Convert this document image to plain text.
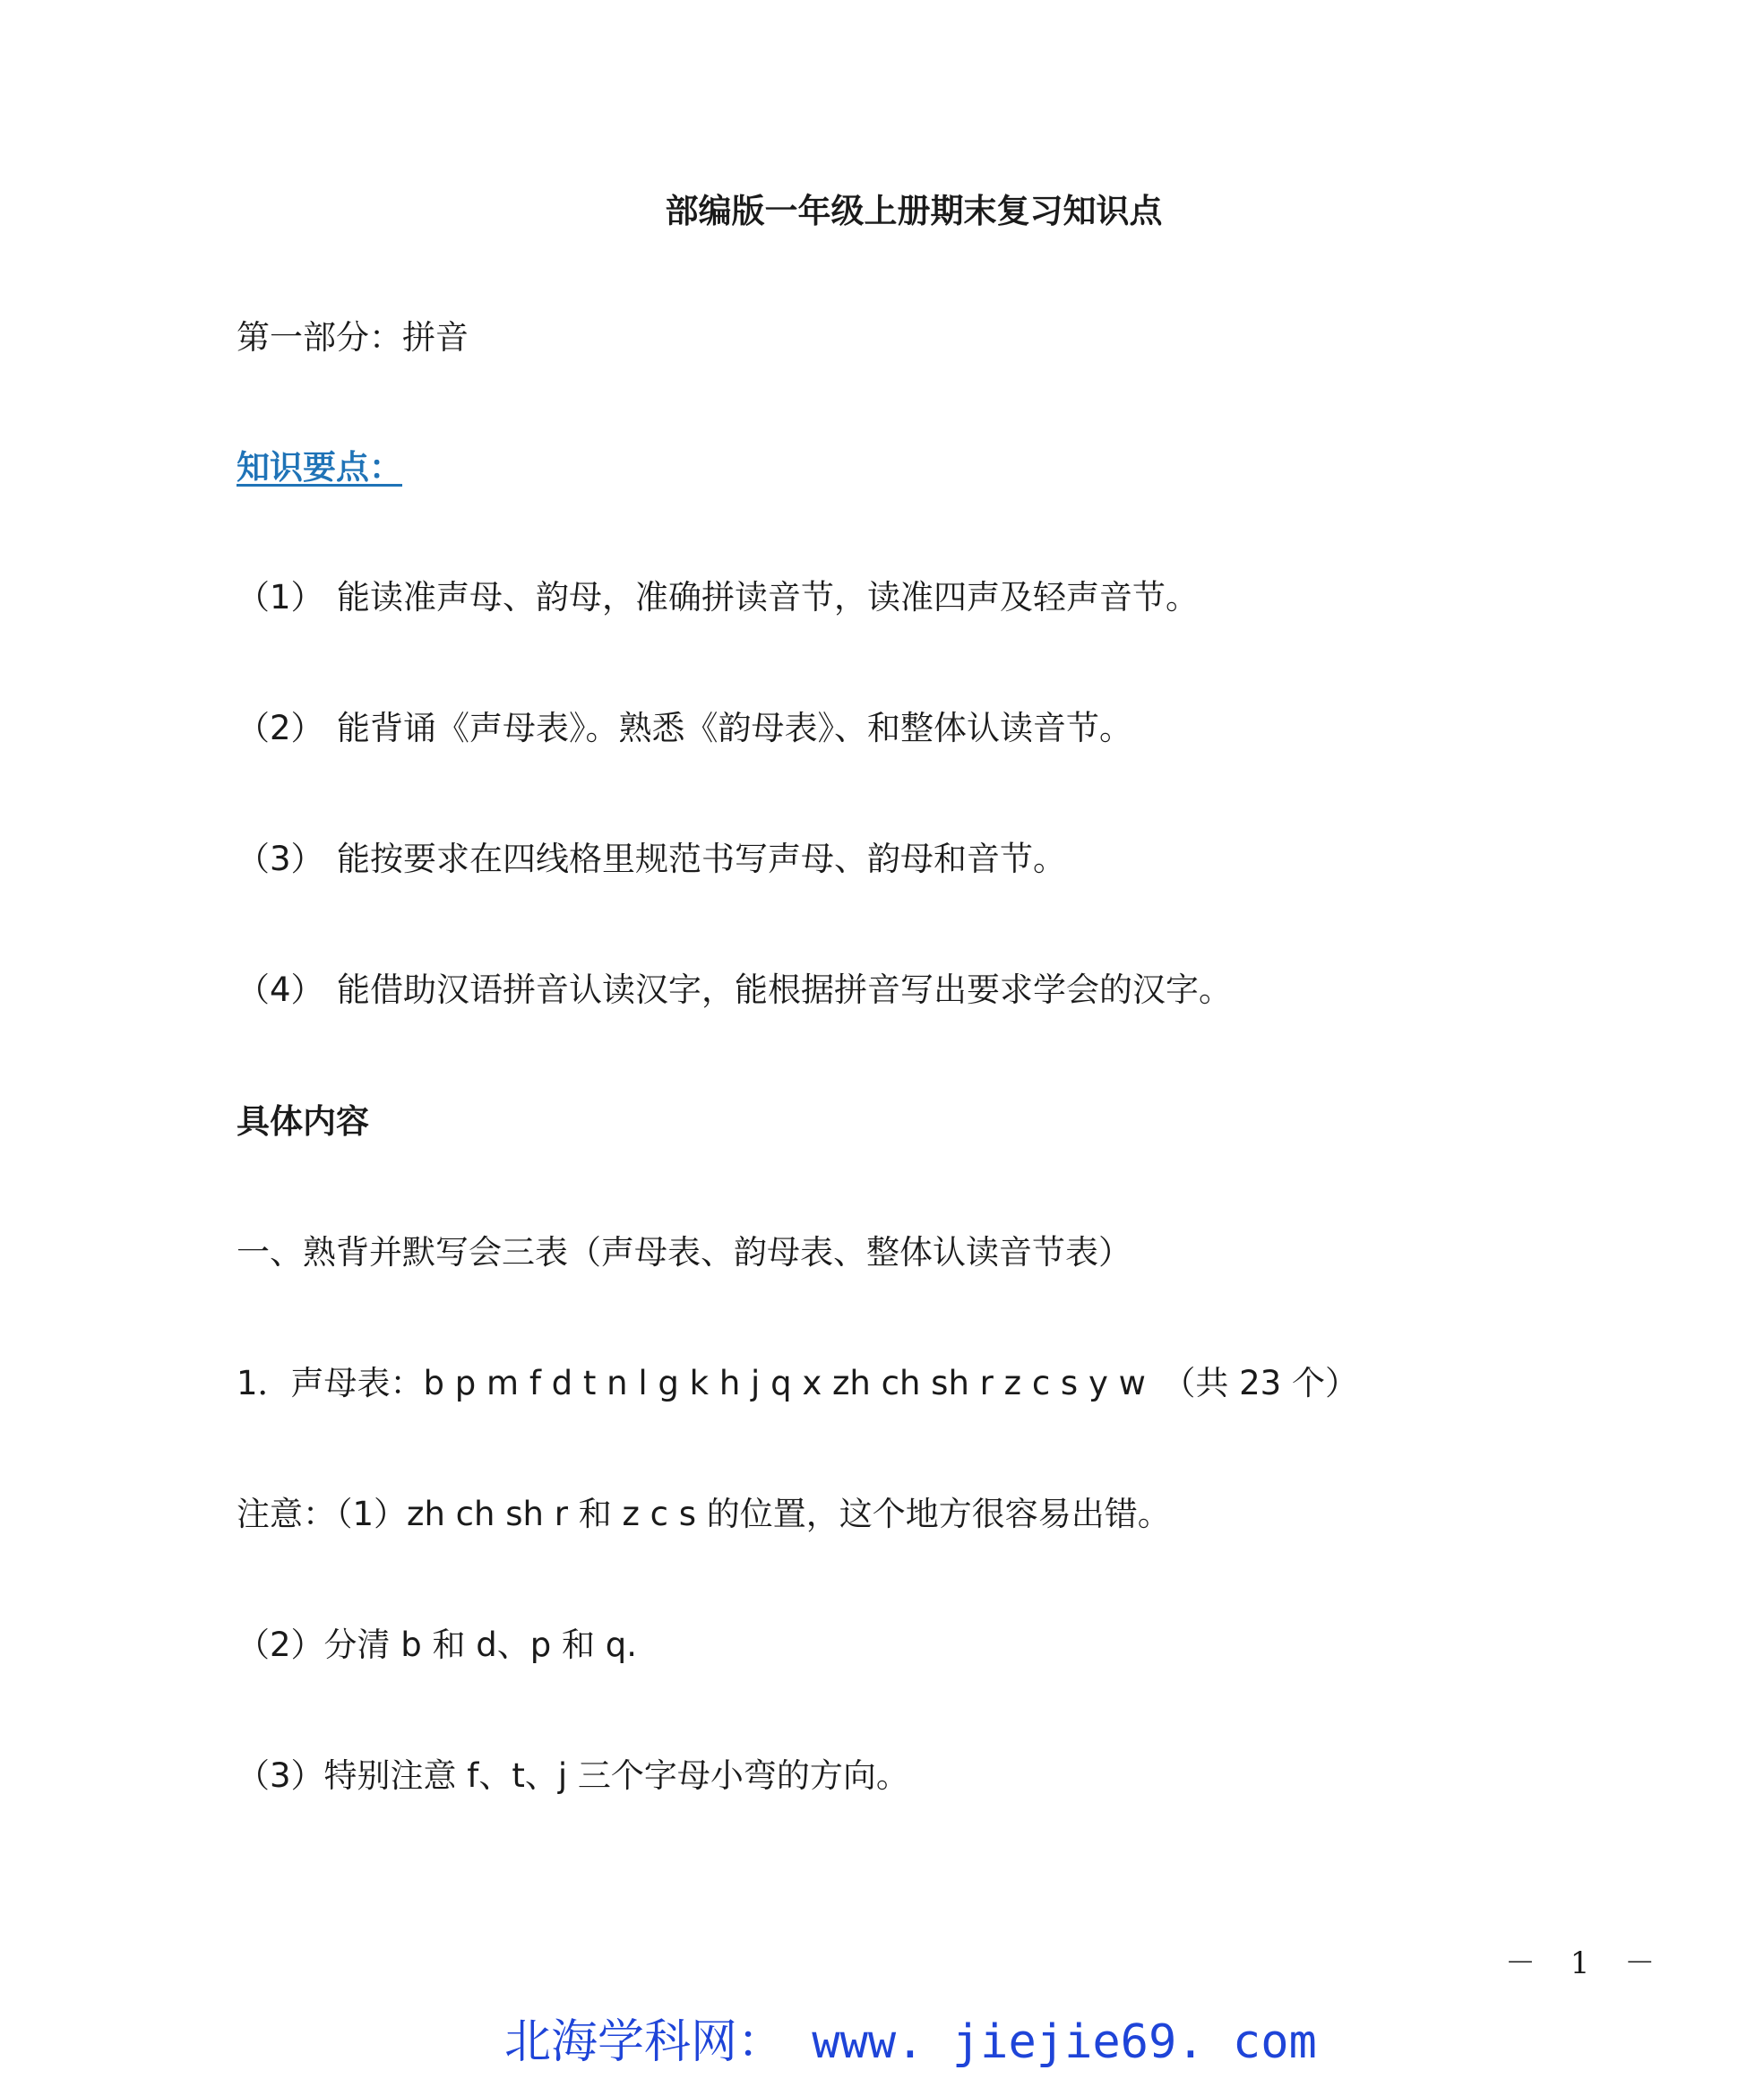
部编版一年级上册期末复习知识点

第一部分：拼音

知识要点：

（1） 能读准声母、韵母，准确拼读音节，读准四声及轻声音节。

（2） 能背诵《声母表》。熟悉《韵母表》、和整体认读音节。

（3） 能按要求在四线格里规范书写声母、韵母和音节。

（4） 能借助汉语拼音认读汉字，能根据拼音写出要求学会的汉字。

具体内容

一、熟背并默写会三表（声母表、韵母表、整体认读音节表）

1．声母表：b p m f d t n l g k h j q x zh ch sh r z c s y w　（共 23 个）

注意：（1）zh ch sh r 和 z c s 的位置，这个地方很容易出错。

（2）分清 b 和 d、p 和 q.

（3）特别注意 f、t、j 三个字母小弯的方向。

－ 1 －
北海学科网： www. jiejie69. com
